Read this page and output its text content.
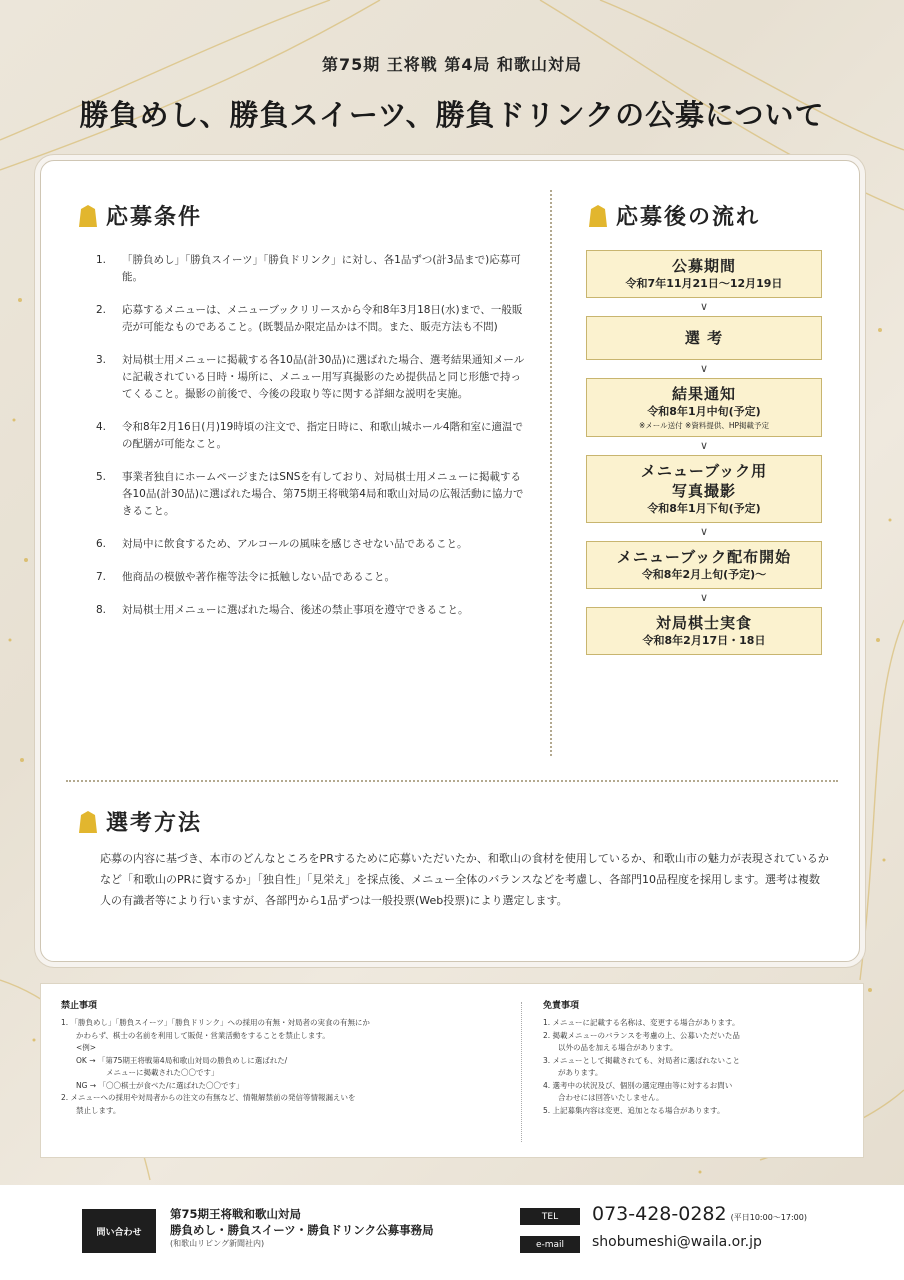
第75期 王将戦 第4局 和歌山対局
勝負めし、勝負スイーツ、勝負ドリンクの公募について
応募条件
1.	「勝負めし」「勝負スイーツ」「勝負ドリンク」に対し、各1品ずつ(計3品まで)応募可能。
2.	応募するメニューは、メニューブックリリースから令和8年3月18日(水)まで、一般販売が可能なものであること。(既製品か限定品かは不問。また、販売方法も不問)
3.	対局棋士用メニューに掲載する各10品(計30品)に選ばれた場合、選考結果通知メールに記載されている日時・場所に、メニュー用写真撮影のため提供品と同じ形態で持ってくること。撮影の前後で、今後の段取り等に関する詳細な説明を実施。
4.	令和8年2月16日(月)19時頃の注文で、指定日時に、和歌山城ホール4階和室に適温での配膳が可能なこと。
5.	事業者独自にホームページまたはSNSを有しており、対局棋士用メニューに掲載する各10品(計30品)に選ばれた場合、第75期王将戦第4局和歌山対局の広報活動に協力できること。
6.	対局中に飲食するため、アルコールの風味を感じさせない品であること。
7.	他商品の模倣や著作権等法令に抵触しない品であること。
8.	対局棋士用メニューに選ばれた場合、後述の禁止事項を遵守できること。
応募後の流れ
公募期間
令和7年11月21日～12月19日
∨
選 考
∨
結果通知
令和8年1月中旬(予定)
※メール送付 ※資料提供、HP掲載予定
∨
メニューブック用
写真撮影
令和8年1月下旬(予定)
∨
メニューブック配布開始
令和8年2月上旬(予定)～
∨
対局棋士実食
令和8年2月17日・18日
選考方法
応募の内容に基づき、本市のどんなところをPRするために応募いただいたか、和歌山の食材を使用しているか、和歌山市の魅力が表現されているかなど「和歌山のPRに資するか」「独自性」「見栄え」を採点後、メニュー全体のバランスなどを考慮し、各部門10品程度を採用します。選考は複数人の有識者等により行いますが、各部門から1品ずつは一般投票(Web投票)により選定します。
禁止事項
1. 「勝負めし」「勝負スイーツ」「勝負ドリンク」への採用の有無・対局者の実食の有無にか
　　かわらず、棋士の名前を利用して販促・営業活動をすることを禁止します。
　　<例>
　　OK → 「第75期王将戦第4局和歌山対局の勝負めしに選ばれた/
　　　　　　メニューに掲載された〇〇です」
　　NG → 「〇〇棋士が食べた/に選ばれた〇〇です」
2. メニューへの採用や対局者からの注文の有無など、情報解禁前の発信等情報漏えいを
　　禁止します。
免責事項
1. メニューに記載する名称は、変更する場合があります。
2. 掲載メニューのバランスを考慮の上、公募いただいた品
　　以外の品を加える場合があります。
3. メニューとして掲載されても、対局者に選ばれないこと
　　があります。
4. 選考中の状況及び、個別の選定理由等に対するお問い
　　合わせには回答いたしません。
5. 上記募集内容は変更、追加となる場合があります。
問い合わせ
第75期王将戦和歌山対局
勝負めし・勝負スイーツ・勝負ドリンク公募事務局
(和歌山リビング新聞社内)
TEL	073-428-0282 (平日10:00～17:00)
e-mail	shobumeshi@waila.or.jp
